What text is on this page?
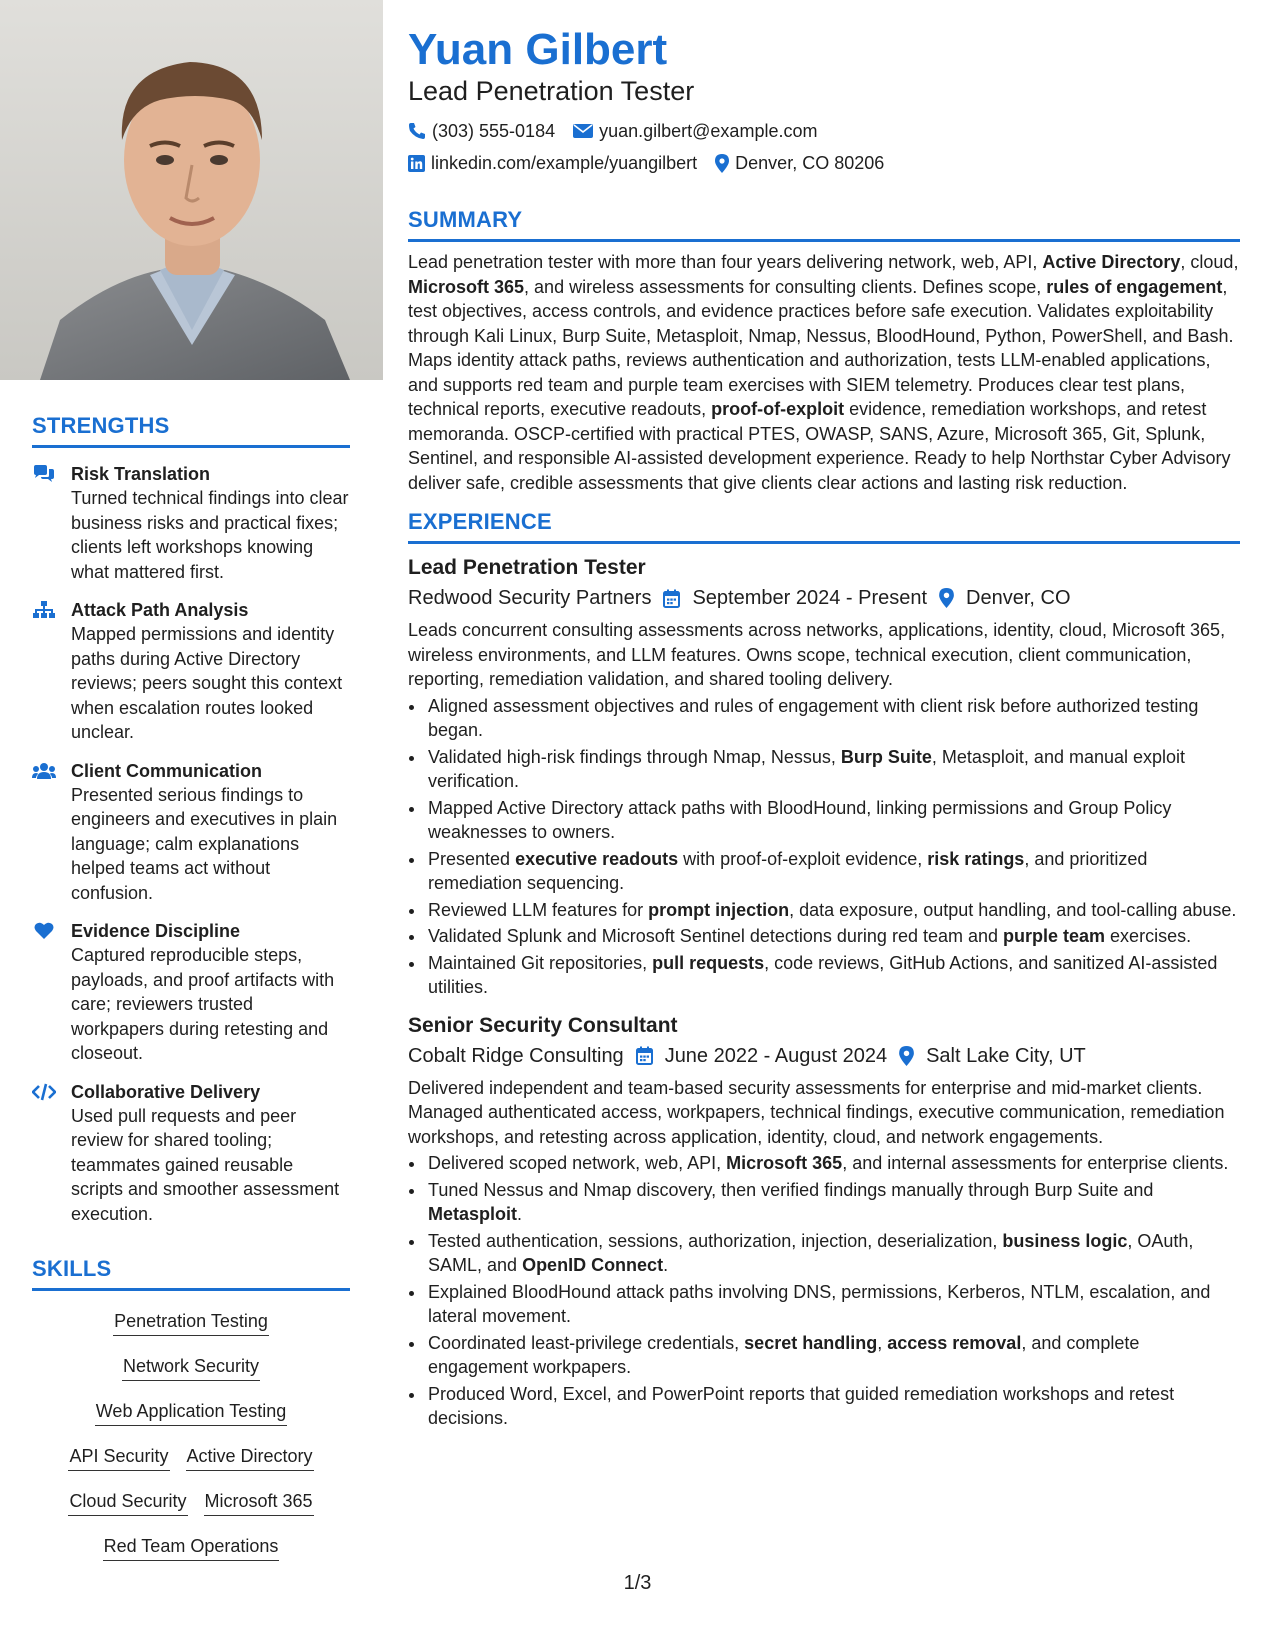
STRENGTHS
Risk Translation
Turned technical findings into clear business risks and practical fixes; clients left workshops knowing what mattered first.
Attack Path Analysis
Mapped permissions and identity paths during Active Directory reviews; peers sought this context when escalation routes looked unclear.
Client Communication
Presented serious findings to engineers and executives in plain language; calm explanations helped teams act without confusion.
Evidence Discipline
Captured reproducible steps, payloads, and proof artifacts with care; reviewers trusted workpapers during retesting and closeout.
Collaborative Delivery
Used pull requests and peer review for shared tooling; teammates gained reusable scripts and smoother assessment execution.
SKILLS
Penetration Testing
Network Security
Web Application Testing
API Security Active Directory
Cloud Security Microsoft 365
Red Team Operations
Yuan Gilbert
Lead Penetration Tester
(303) 555-0184 yuan.gilbert@example.com
linkedin.com/example/yuangilbert Denver, CO 80206
SUMMARY

Lead penetration tester with more than four years delivering network, web, API, Active Directory, cloud, Microsoft 365, and wireless assessments for consulting clients. Defines scope, rules of engagement, test objectives, access controls, and evidence practices before safe execution. Validates exploitability through Kali Linux, Burp Suite, Metasploit, Nmap, Nessus, BloodHound, Python, PowerShell, and Bash. Maps identity attack paths, reviews authentication and authorization, tests LLM-enabled applications, and supports red team and purple team exercises with SIEM telemetry. Produces clear test plans, technical reports, executive readouts, proof-of-exploit evidence, remediation workshops, and retest memoranda. OSCP-certified with practical PTES, OWASP, SANS, Azure, Microsoft 365, Git, Splunk, Sentinel, and responsible AI-assisted development experience. Ready to help Northstar Cyber Advisory deliver safe, credible assessments that give clients clear actions and lasting risk reduction.

EXPERIENCE
Lead Penetration Tester
Redwood Security Partners September 2024 - Present Denver, CO

Leads concurrent consulting assessments across networks, applications, identity, cloud, Microsoft 365, wireless environments, and LLM features. Owns scope, technical execution, client communication, reporting, remediation validation, and shared tooling delivery.

• Aligned assessment objectives and rules of engagement with client risk before authorized testing began.
• Validated high-risk findings through Nmap, Nessus, Burp Suite, Metasploit, and manual exploit verification.
• Mapped Active Directory attack paths with BloodHound, linking permissions and Group Policy weaknesses to owners.
• Presented executive readouts with proof-of-exploit evidence, risk ratings, and prioritized remediation sequencing.
• Reviewed LLM features for prompt injection, data exposure, output handling, and tool-calling abuse.
• Validated Splunk and Microsoft Sentinel detections during red team and purple team exercises.
• Maintained Git repositories, pull requests, code reviews, GitHub Actions, and sanitized AI-assisted utilities.
Senior Security Consultant
Cobalt Ridge Consulting June 2022 - August 2024 Salt Lake City, UT

Delivered independent and team-based security assessments for enterprise and mid-market clients. Managed authenticated access, workpapers, technical findings, executive communication, remediation workshops, and retesting across application, identity, cloud, and network engagements.

• Delivered scoped network, web, API, Microsoft 365, and internal assessments for enterprise clients.
• Tuned Nessus and Nmap discovery, then verified findings manually through Burp Suite and Metasploit.
• Tested authentication, sessions, authorization, injection, deserialization, business logic, OAuth, SAML, and OpenID Connect.
• Explained BloodHound attack paths involving DNS, permissions, Kerberos, NTLM, escalation, and lateral movement.
• Coordinated least-privilege credentials, secret handling, access removal, and complete engagement workpapers.
• Produced Word, Excel, and PowerPoint reports that guided remediation workshops and retest decisions.
1/3
